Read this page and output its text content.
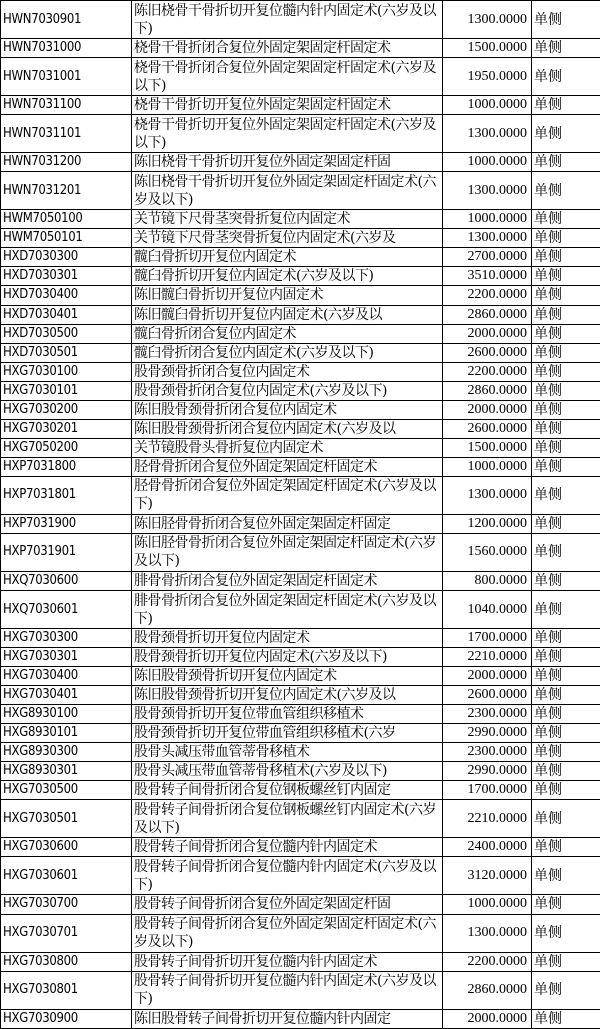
HWN7030901	陈旧桡骨干骨折切开复位髓内针内固定术(六岁及以下)	1300.0000	单侧
HWN7031000	桡骨干骨折闭合复位外固定架固定杆固定术	1500.0000	单侧
HWN7031001	桡骨干骨折闭合复位外固定架固定杆固定术(六岁及以下)	1950.0000	单侧
HWN7031100	桡骨干骨折切开复位外固定架固定杆固定术	1000.0000	单侧
HWN7031101	桡骨干骨折切开复位外固定架固定杆固定术(六岁及以下)	1300.0000	单侧
HWN7031200	陈旧桡骨干骨折切开复位外固定架固定杆固	1000.0000	单侧
HWN7031201	陈旧桡骨干骨折切开复位外固定架固定杆固定术(六岁及以下)	1300.0000	单侧
HWM7050100	关节镜下尺骨茎突骨折复位内固定术	1000.0000	单侧
HWM7050101	关节镜下尺骨茎突骨折复位内固定术(六岁及	1300.0000	单侧
HXD7030300	髋臼骨折切开复位内固定术	2700.0000	单侧
HXD7030301	髋臼骨折切开复位内固定术(六岁及以下)	3510.0000	单侧
HXD7030400	陈旧髋臼骨折切开复位内固定术	2200.0000	单侧
HXD7030401	陈旧髋臼骨折切开复位内固定术(六岁及以	2860.0000	单侧
HXD7030500	髋臼骨折闭合复位内固定术	2000.0000	单侧
HXD7030501	髋臼骨折闭合复位内固定术(六岁及以下)	2600.0000	单侧
HXG7030100	股骨颈骨折闭合复位内固定术	2200.0000	单侧
HXG7030101	股骨颈骨折闭合复位内固定术(六岁及以下)	2860.0000	单侧
HXG7030200	陈旧股骨颈骨折闭合复位内固定术	2000.0000	单侧
HXG7030201	陈旧股骨颈骨折闭合复位内固定术(六岁及以	2600.0000	单侧
HXG7050200	关节镜股骨头骨折复位内固定术	1500.0000	单侧
HXP7031800	胫骨骨折闭合复位外固定架固定杆固定术	1000.0000	单侧
HXP7031801	胫骨骨折闭合复位外固定架固定杆固定术(六岁及以下)	1300.0000	单侧
HXP7031900	陈旧胫骨骨折闭合复位外固定架固定杆固定	1200.0000	单侧
HXP7031901	陈旧胫骨骨折闭合复位外固定架固定杆固定术(六岁及以下)	1560.0000	单侧
HXQ7030600	腓骨骨折闭合复位外固定架固定杆固定术	800.0000	单侧
HXQ7030601	腓骨骨折闭合复位外固定架固定杆固定术(六岁及以下)	1040.0000	单侧
HXG7030300	股骨颈骨折切开复位内固定术	1700.0000	单侧
HXG7030301	股骨颈骨折切开复位内固定术(六岁及以下)	2210.0000	单侧
HXG7030400	陈旧股骨颈骨折切开复位内固定术	2000.0000	单侧
HXG7030401	陈旧股骨颈骨折切开复位内固定术(六岁及以	2600.0000	单侧
HXG8930100	股骨颈骨折切开复位带血管组织移植术	2300.0000	单侧
HXG8930101	股骨颈骨折切开复位带血管组织移植术(六岁	2990.0000	单侧
HXG8930300	股骨头减压带血管蒂骨移植术	2300.0000	单侧
HXG8930301	股骨头减压带血管蒂骨移植术(六岁及以下)	2990.0000	单侧
HXG7030500	股骨转子间骨折闭合复位钢板螺丝钉内固定	1700.0000	单侧
HXG7030501	股骨转子间骨折闭合复位钢板螺丝钉内固定术(六岁及以下)	2210.0000	单侧
HXG7030600	股骨转子间骨折闭合复位髓内针内固定术	2400.0000	单侧
HXG7030601	股骨转子间骨折闭合复位髓内针内固定术(六岁及以下)	3120.0000	单侧
HXG7030700	股骨转子间骨折闭合复位外固定架固定杆固	1000.0000	单侧
HXG7030701	股骨转子间骨折闭合复位外固定架固定杆固定术(六岁及以下)	1300.0000	单侧
HXG7030800	股骨转子间骨折切开复位髓内针内固定术	2200.0000	单侧
HXG7030801	股骨转子间骨折切开复位髓内针内固定术(六岁及以下)	2860.0000	单侧
HXG7030900	陈旧股骨转子间骨折切开复位髓内针内固定	2000.0000	单侧
